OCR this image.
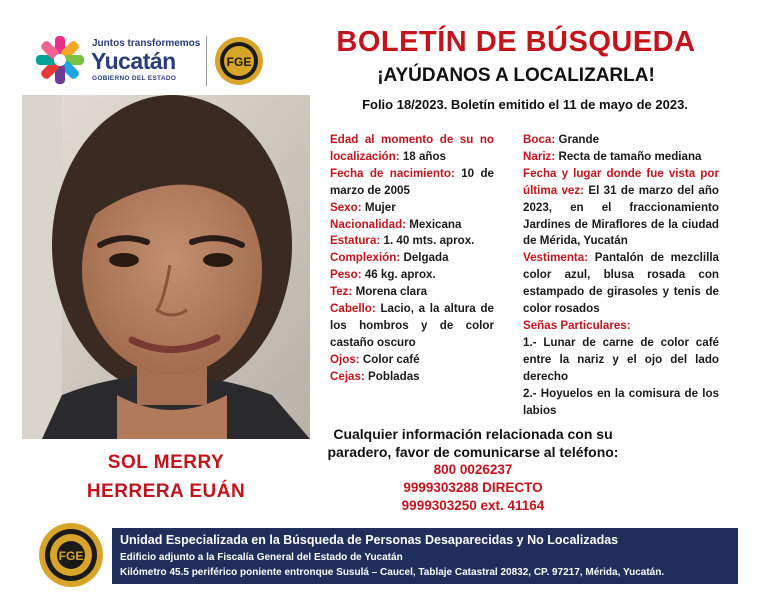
Juntos transformemos
Yucatán
GOBIERNO DEL ESTADO
FGE
BOLETÍN DE BÚSQUEDA
¡AYÚDANOS A LOCALIZARLA!
Folio 18/2023. Boletín emitido el 11 de mayo de 2023.
SOL MERRY
HERRERA EUÁN

Edad al momento de su no localización: 18 años

Fecha de nacimiento: 10 de marzo de 2005

Sexo: Mujer

Nacionalidad: Mexicana

Estatura: 1. 40 mts. aprox.

Complexión: Delgada

Peso: 46 kg. aprox.

Tez: Morena clara

Cabello: Lacio, a la altura de los hombros y de color castaño oscuro

Ojos: Color café

Cejas: Pobladas

Boca: Grande

Nariz: Recta de tamaño mediana

Fecha y lugar donde fue vista por última vez: El 31 de marzo del año 2023, en el fraccionamiento Jardines de Miraflores de la ciudad de Mérida, Yucatán

Vestimenta: Pantalón de mezclilla color azul, blusa rosada con estampado de girasoles y tenis de color rosados

Señas Particulares:

1.- Lunar de carne de color café entre la nariz y el ojo del lado derecho

2.- Hoyuelos en la comisura de los labios

Cualquier información relacionada con su
paradero, favor de comunicarse al teléfono:
800 0026237
9999303288 DIRECTO
9999303250 ext. 41164
FGE
Unidad Especializada en la Búsqueda de Personas Desaparecidas y No Localizadas
Edificio adjunto a la Fiscalía General del Estado de Yucatán
Kilómetro 45.5 periférico poniente entronque Susulá – Caucel, Tablaje Catastral 20832, CP. 97217, Mérida, Yucatán.
